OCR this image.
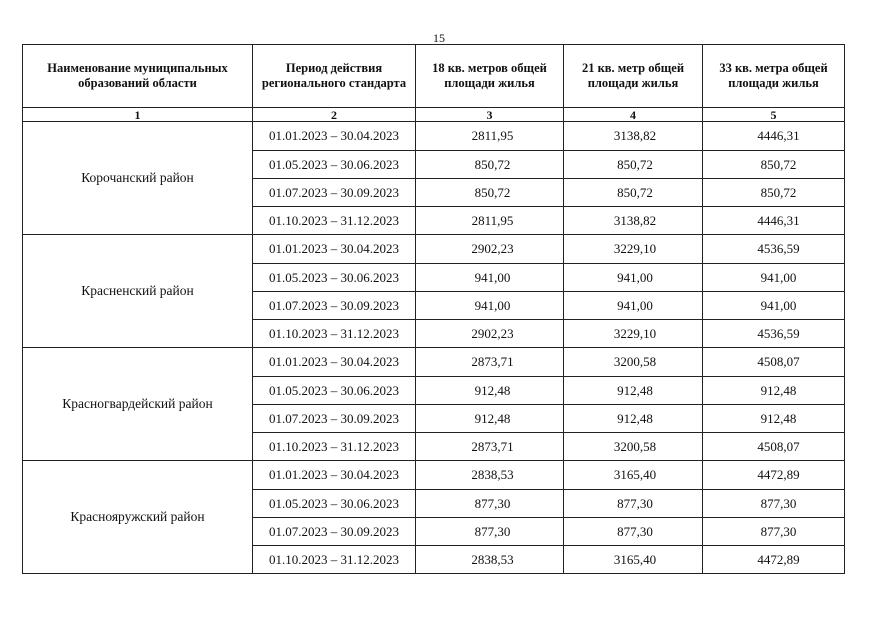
15
Наименование муниципальных образований области	Период действия регионального стандарта	18 кв. метров общей площади жилья	21 кв. метр общей площади жилья	33 кв. метра общей площади жилья

1	2	3	4	5
Корочанский район	01.01.2023 – 30.04.2023	2811,95	3138,82	4446,31
	01.05.2023 – 30.06.2023	850,72	850,72	850,72
	01.07.2023 – 30.09.2023	850,72	850,72	850,72
	01.10.2023 – 31.12.2023	2811,95	3138,82	4446,31
Красненский район	01.01.2023 – 30.04.2023	2902,23	3229,10	4536,59
	01.05.2023 – 30.06.2023	941,00	941,00	941,00
	01.07.2023 – 30.09.2023	941,00	941,00	941,00
	01.10.2023 – 31.12.2023	2902,23	3229,10	4536,59
Красногвардейский район	01.01.2023 – 30.04.2023	2873,71	3200,58	4508,07
	01.05.2023 – 30.06.2023	912,48	912,48	912,48
	01.07.2023 – 30.09.2023	912,48	912,48	912,48
	01.10.2023 – 31.12.2023	2873,71	3200,58	4508,07
Краснояружский район	01.01.2023 – 30.04.2023	2838,53	3165,40	4472,89
	01.05.2023 – 30.06.2023	877,30	877,30	877,30
	01.07.2023 – 30.09.2023	877,30	877,30	877,30
	01.10.2023 – 31.12.2023	2838,53	3165,40	4472,89
